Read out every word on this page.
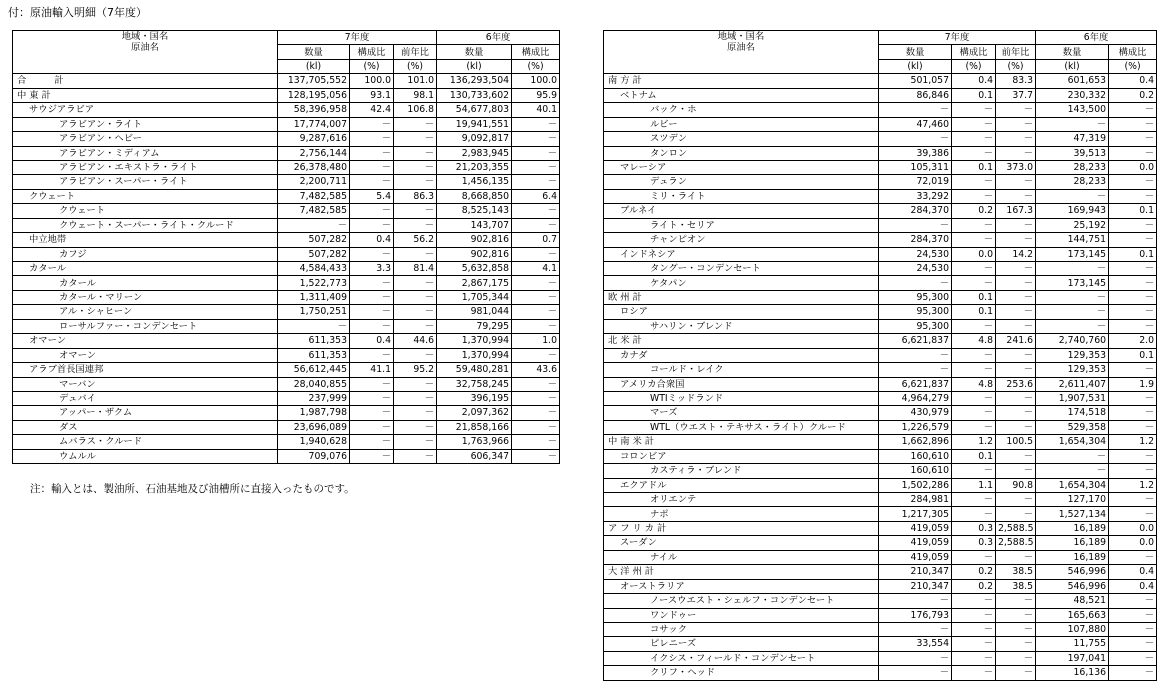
付：原油輸入明細（7年度）
地域・国名
原油名	7年度			6年度	
	数量	構成比	前年比	数量	構成比
	(kl)	(%)	(%)	(kl)	(%)
合　　　計	137,705,552	100.0	101.0	136,293,504	100.0
中 東 計	128,195,056	93.1	98.1	130,733,602	95.9
サウジアラビア	58,396,958	42.4	106.8	54,677,803	40.1
アラビアン・ライト	17,774,007	－	－	19,941,551	－
アラビアン・ヘビー	9,287,616	－	－	9,092,817	－
アラビアン・ミディアム	2,756,144	－	－	2,983,945	－
アラビアン・エキストラ・ライト	26,378,480	－	－	21,203,355	－
アラビアン・スーパー・ライト	2,200,711	－	－	1,456,135	－
クウェート	7,482,585	5.4	86.3	8,668,850	6.4
クウェート	7,482,585	－	－	8,525,143	－
クウェート・スーパー・ライト・クルード	－	－	－	143,707	－
中立地帯	507,282	0.4	56.2	902,816	0.7
カフジ	507,282	－	－	902,816	－
カタール	4,584,433	3.3	81.4	5,632,858	4.1
カタール	1,522,773	－	－	2,867,175	－
カタール・マリーン	1,311,409	－	－	1,705,344	－
アル・シャヒーン	1,750,251	－	－	981,044	－
ローサルファー・コンデンセート	－	－	－	79,295	－
オマーン	611,353	0.4	44.6	1,370,994	1.0
オマーン	611,353	－	－	1,370,994	－
アラブ首長国連邦	56,612,445	41.1	95.2	59,480,281	43.6
マーバン	28,040,855	－	－	32,758,245	－
デュバイ	237,999	－	－	396,195	－
アッパー・ザクム	1,987,798	－	－	2,097,362	－
ダス	23,696,089	－	－	21,858,166	－
ムバラス・クルード	1,940,628	－	－	1,763,966	－
ウムルル	709,076	－	－	606,347	－
地域・国名
原油名	7年度			6年度	
	数量	構成比	前年比	数量	構成比
	(kl)	(%)	(%)	(kl)	(%)
南 方 計	501,057	0.4	83.3	601,653	0.4
ベトナム	86,846	0.1	37.7	230,332	0.2
バック・ホ	－	－	－	143,500	－
ルビー	47,460	－	－	－	－
スツデン	－	－	－	47,319	－
タンロン	39,386	－	－	39,513	－
マレーシア	105,311	0.1	373.0	28,233	0.0
デュラン	72,019	－	－	28,233	－
ミリ・ライト	33,292	－	－	－	－
ブルネイ	284,370	0.2	167.3	169,943	0.1
ライト・セリア	－	－	－	25,192	－
チャンピオン	284,370	－	－	144,751	－
インドネシア	24,530	0.0	14.2	173,145	0.1
タングー・コンデンセート	24,530	－	－	－	－
ケタパン	－	－	－	173,145	－
欧 州 計	95,300	0.1	－	－	－
ロシア	95,300	0.1	－	－	－
サハリン・ブレンド	95,300	－	－	－	－
北 米 計	6,621,837	4.8	241.6	2,740,760	2.0
カナダ	－	－	－	129,353	0.1
コールド・レイク	－	－	－	129,353	－
アメリカ合衆国	6,621,837	4.8	253.6	2,611,407	1.9
WTIミッドランド	4,964,279	－	－	1,907,531	－
マーズ	430,979	－	－	174,518	－
WTL（ウエスト・テキサス・ライト）クルード	1,226,579	－	－	529,358	－
中 南 米 計	1,662,896	1.2	100.5	1,654,304	1.2
コロンビア	160,610	0.1	－	－	－
カスティラ・ブレンド	160,610	－	－	－	－
エクアドル	1,502,286	1.1	90.8	1,654,304	1.2
オリエンテ	284,981	－	－	127,170	－
ナポ	1,217,305	－	－	1,527,134	－
ア フ リ カ 計	419,059	0.3	2,588.5	16,189	0.0
スーダン	419,059	0.3	2,588.5	16,189	0.0
ナイル	419,059	－	－	16,189	－
大 洋 州 計	210,347	0.2	38.5	546,996	0.4
オーストラリア	210,347	0.2	38.5	546,996	0.4
ノースウエスト・シェルフ・コンデンセート	－	－	－	48,521	－
ワンドゥー	176,793	－	－	165,663	－
コサック	－	－	－	107,880	－
ピレニーズ	33,554	－	－	11,755	－
イクシス・フィールド・コンデンセート	－	－	－	197,041	－
クリフ・ヘッド	－	－	－	16,136	－
注：輸入とは、製油所、石油基地及び油槽所に直接入ったものです。
